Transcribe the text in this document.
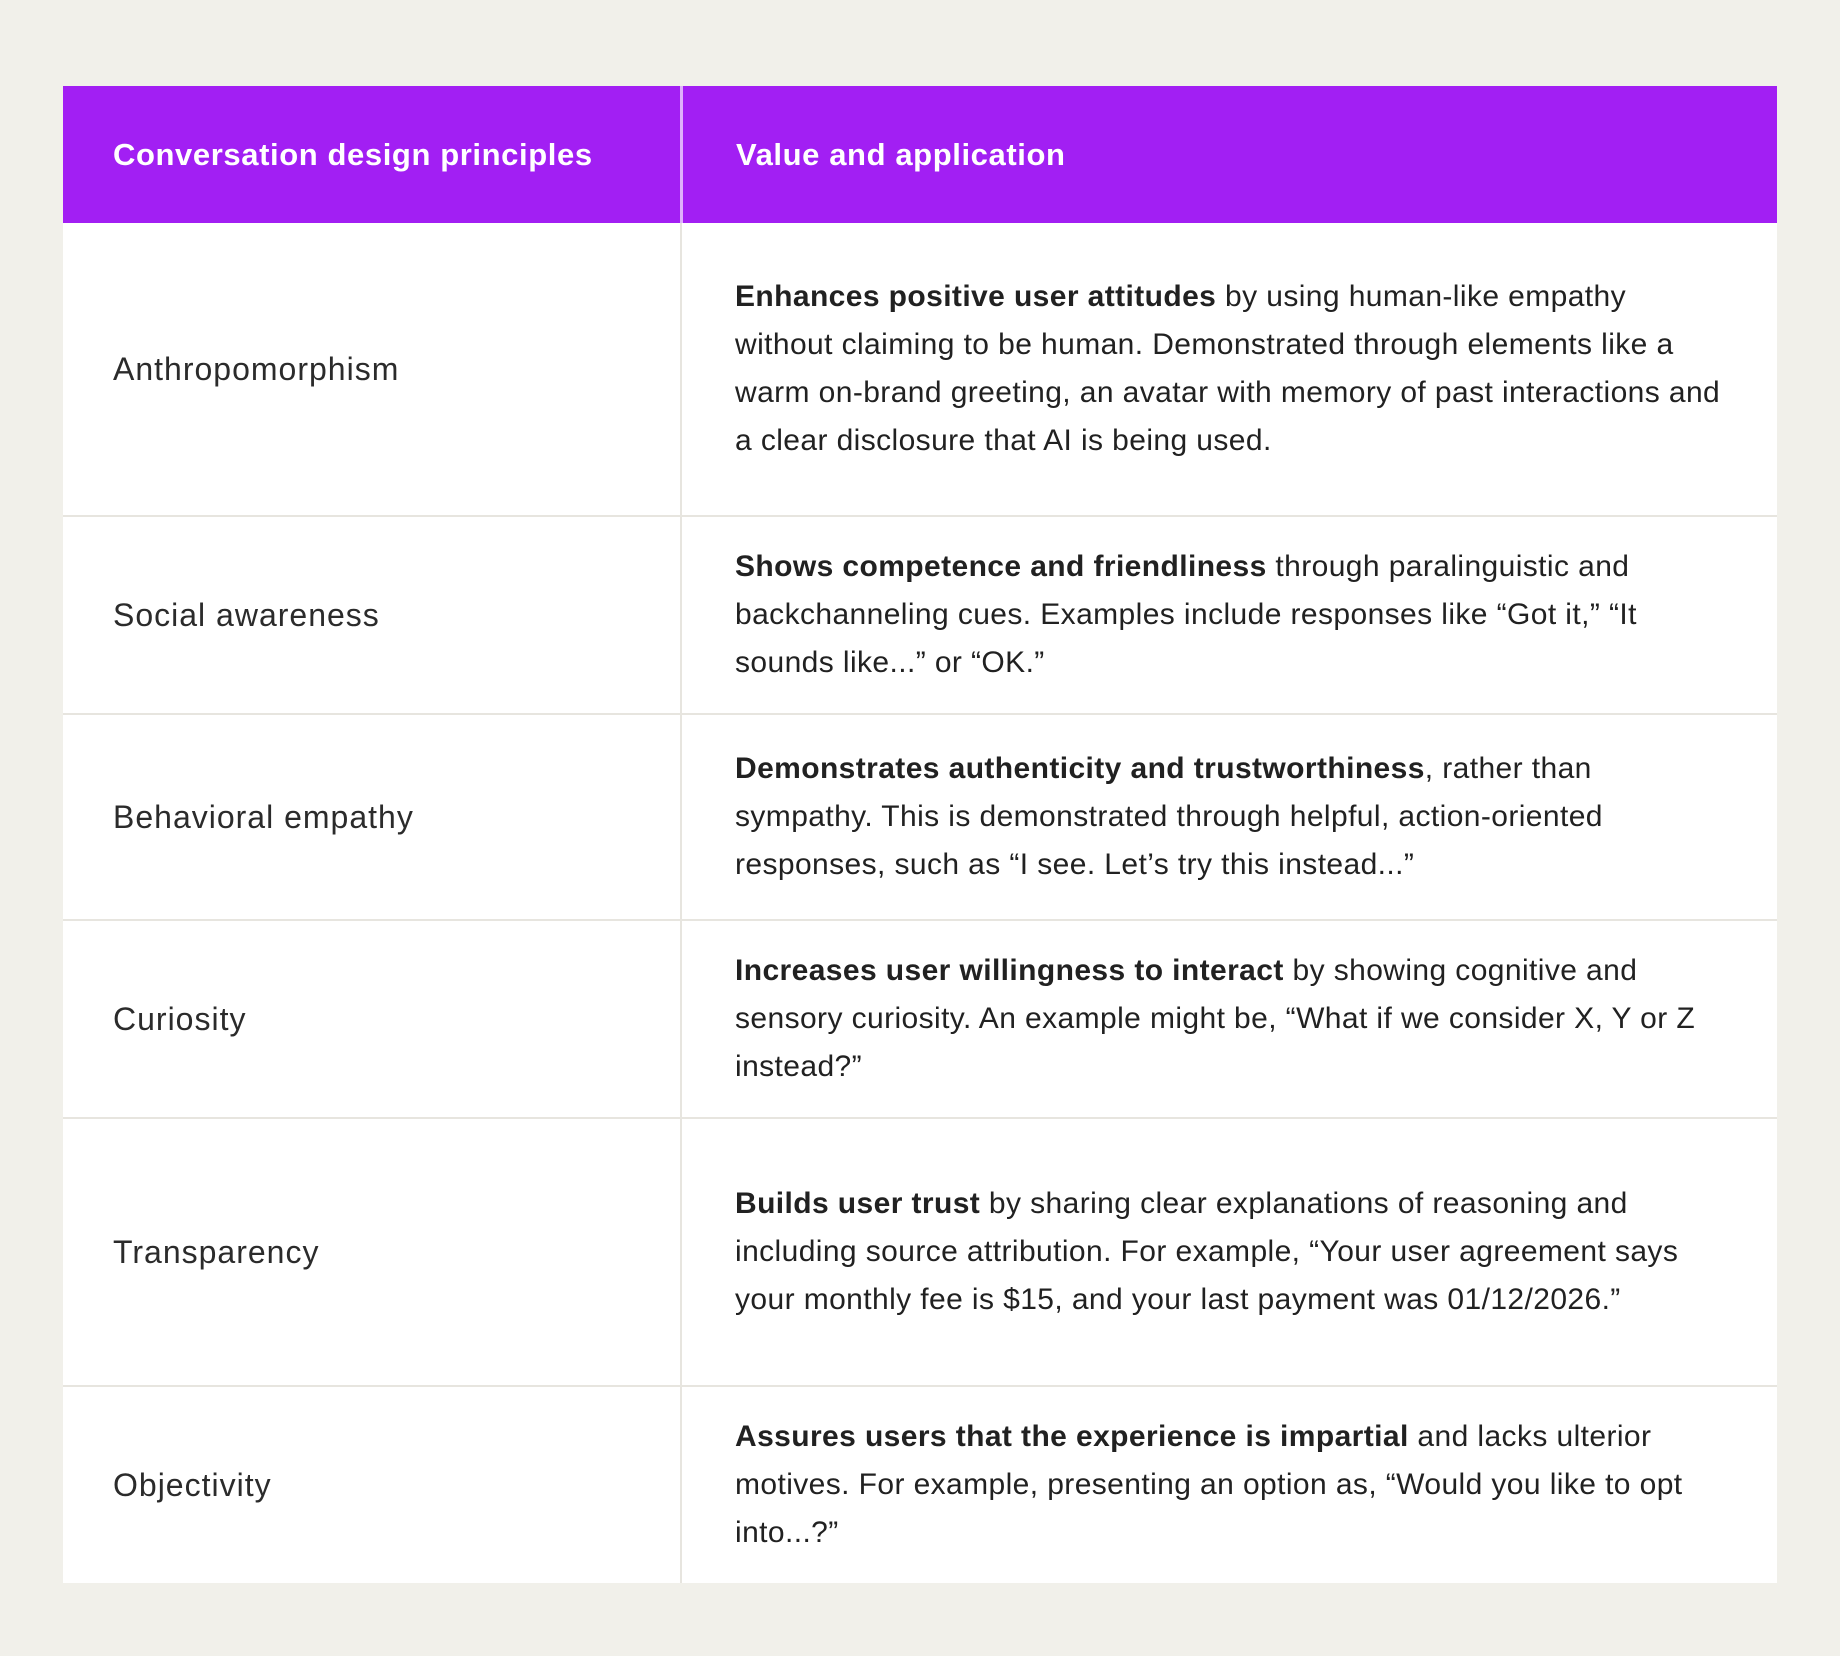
Conversation design principles	Value and application
Anthropomorphism

Enhances positive user attitudes by using human-like empathy without claiming to be human. Demonstrated through elements like a warm on-brand greeting, an avatar with memory of past interactions and a clear disclosure that AI is being used.

Social awareness

Shows competence and friendliness through paralinguistic and backchanneling cues. Examples include responses like “Got it,” “It sounds like...” or “OK.”

Behavioral empathy

Demonstrates authenticity and trustworthiness, rather than sympathy. This is demonstrated through helpful, action-oriented responses, such as “I see. Let’s try this instead...”

Curiosity

Increases user willingness to interact by showing cognitive and sensory curiosity. An example might be, “What if we consider X, Y or Z instead?”

Transparency

Builds user trust by sharing clear explanations of reasoning and including source attribution. For example, “Your user agreement says your monthly fee is $15, and your last payment was 01/12/2026.”

Objectivity

Assures users that the experience is impartial and lacks ulterior motives. For example, presenting an option as, “Would you like to opt into...?”
